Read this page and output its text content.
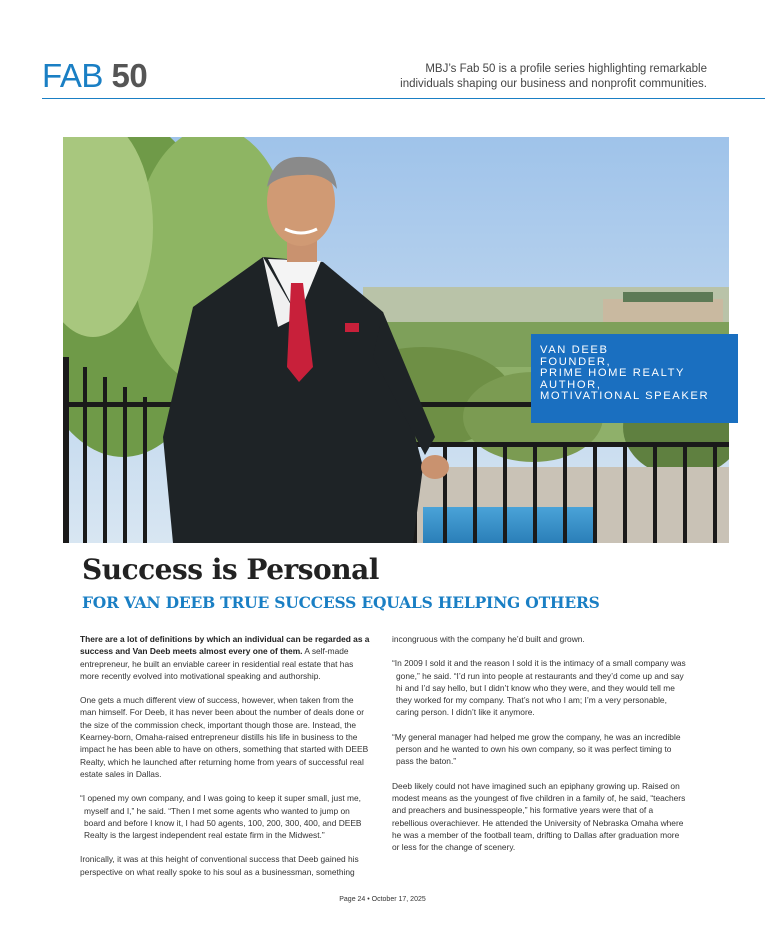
FAB 50	MBJ’s Fab 50 is a profile series highlighting remarkable individuals shaping our business and nonprofit communities.
VAN DEEB
FOUNDER,
PRIME HOME REALTY
AUTHOR,
MOTIVATIONAL SPEAKER
Success is Personal
FOR VAN DEEB TRUE SUCCESS EQUALS HELPING OTHERS

There are a lot of definitions by which an individual can be regarded as a success and Van Deeb meets almost every one of them. A self-made entrepreneur, he built an enviable career in residential real estate that has more recently evolved into motivational speaking and authorship.

One gets a much different view of success, however, when taken from the man himself. For Deeb, it has never been about the number of deals done or the size of the commission check, important though those are. Instead, the Kearney-born, Omaha-raised entrepreneur distills his life in business to the impact he has been able to have on others, something that started with DEEB Realty, which he launched after returning home from years of successful real estate sales in Dallas.

“I opened my own company, and I was going to keep it super small, just me, myself and I,” he said. “Then I met some agents who wanted to jump on board and before I know it, I had 50 agents, 100, 200, 300, 400, and DEEB Realty is the largest independent real estate firm in the Midwest.”

Ironically, it was at this height of conventional success that Deeb gained his perspective on what really spoke to his soul as a businessman, something

incongruous with the company he’d built and grown.

“In 2009 I sold it and the reason I sold it is the intimacy of a small company was gone,” he said. “I’d run into people at restaurants and they’d come up and say hi and I’d say hello, but I didn’t know who they were, and they would tell me they worked for my company. That’s not who I am; I’m a very personable, caring person. I didn’t like it anymore.

“My general manager had helped me grow the company, he was an incredible person and he wanted to own his own company, so it was perfect timing to pass the baton.”

Deeb likely could not have imagined such an epiphany growing up. Raised on modest means as the youngest of five children in a family of, he said, “teachers and preachers and businesspeople,” his formative years were that of a rebellious overachiever. He attended the University of Nebraska Omaha where he was a member of the football team, drifting to Dallas after graduation more or less for the change of scenery.

Page 24 • October 17, 2025
